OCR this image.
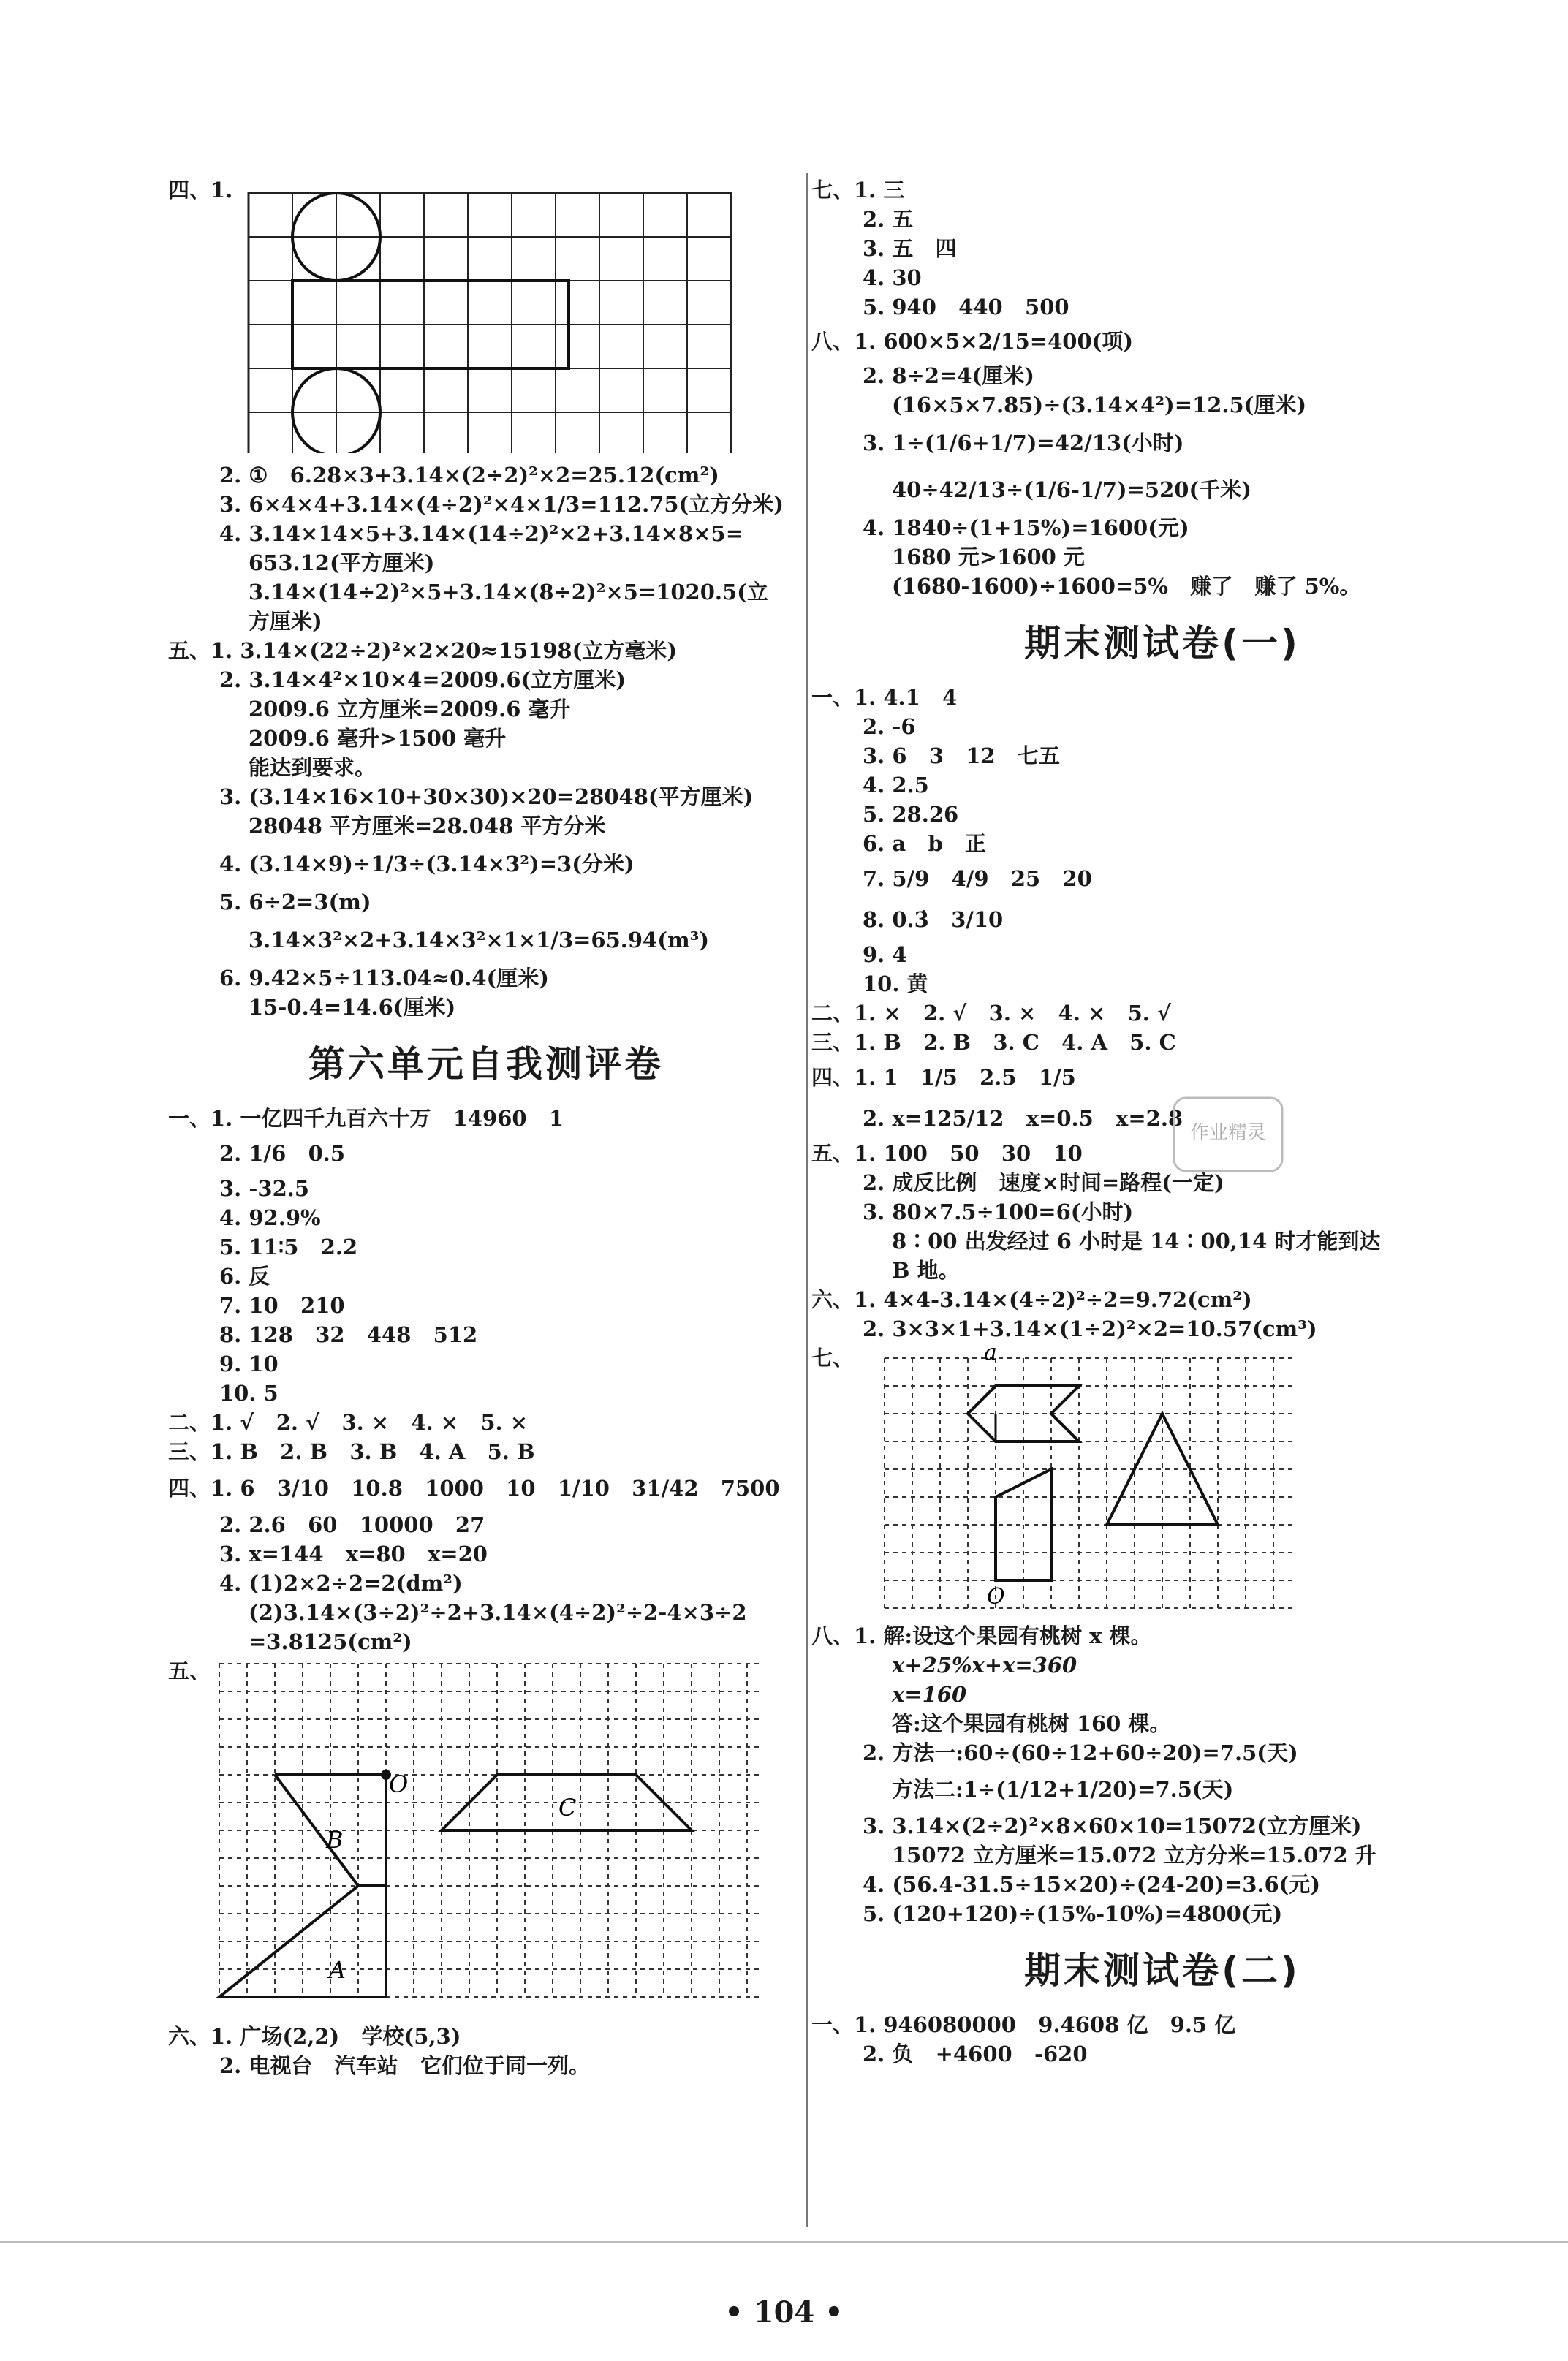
四、1.
2. ①   6.28×3+3.14×(2÷2)²×2=25.12(cm²)
3. 6×4×4+3.14×(4÷2)²×4×1/3=112.75(立方分米)
4. 3.14×14×5+3.14×(14÷2)²×2+3.14×8×5=
653.12(平方厘米)
3.14×(14÷2)²×5+3.14×(8÷2)²×5=1020.5(立
方厘米)
五、1. 3.14×(22÷2)²×2×20≈15198(立方毫米)
2. 3.14×4²×10×4=2009.6(立方厘米)
2009.6 立方厘米=2009.6 毫升
2009.6 毫升>1500 毫升
能达到要求。
3. (3.14×16×10+30×30)×20=28048(平方厘米)
28048 平方厘米=28.048 平方分米
4. (3.14×9)÷1/3÷(3.14×3²)=3(分米)
5. 6÷2=3(m)
3.14×3²×2+3.14×3²×1×1/3=65.94(m³)
6. 9.42×5÷113.04≈0.4(厘米)
15-0.4=14.6(厘米)
第六单元自我测评卷
一、1. 一亿四千九百六十万   14960   1
2. 1/6   0.5
3. -32.5
4. 92.9%
5. 11∶5   2.2
6. 反
7. 10   210
8. 128   32   448   512
9. 10
10. 5
二、1. √   2. √   3. ×   4. ×   5. ×
三、1. B   2. B   3. B   4. A   5. B
四、1. 6   3/10   10.8   1000   10   1/10   31/42   7500
2. 2.6   60   10000   27
3. x=144   x=80   x=20
4. (1)2×2÷2=2(dm²)
(2)3.14×(3÷2)²÷2+3.14×(4÷2)²÷2-4×3÷2
=3.8125(cm²)
五、
O
B
C
A
六、1. 广场(2,2)   学校(5,3)
2. 电视台   汽车站   它们位于同一列。
七、1. 三
2. 五
3. 五   四
4. 30
5. 940   440   500
八、1. 600×5×2/15=400(项)
2. 8÷2=4(厘米)
(16×5×7.85)÷(3.14×4²)=12.5(厘米)
3. 1÷(1/6+1/7)=42/13(小时)
40÷42/13÷(1/6-1/7)=520(千米)
4. 1840÷(1+15%)=1600(元)
1680 元>1600 元
(1680-1600)÷1600=5%   赚了   赚了 5%。
期末测试卷(一)
一、1. 4.1   4
2. -6
3. 6   3   12   七五
4. 2.5
5. 28.26
6. a   b   正
7. 5/9   4/9   25   20
8. 0.3̇   3/10
9. 4
10. 黄
二、1. ×   2. √   3. ×   4. ×   5. √
三、1. B   2. B   3. C   4. A   5. C
四、1. 1   1/5   2.5   1/5
2. x=125/12   x=0.5   x=2.8
五、1. 100   50   30   10
2. 成反比例   速度×时间=路程(一定)
3. 80×7.5÷100=6(小时)
8∶00 出发经过 6 小时是 14∶00,14 时才能到达
B 地。
六、1. 4×4-3.14×(4÷2)²÷2=9.72(cm²)
2. 3×3×1+3.14×(1÷2)²×2=10.57(cm³)
七、	a
O
八、1. 解:设这个果园有桃树 x 棵。
x+25%x+x=360
x=160
答:这个果园有桃树 160 棵。
2. 方法一:60÷(60÷12+60÷20)=7.5(天)
方法二:1÷(1/12+1/20)=7.5(天)
3. 3.14×(2÷2)²×8×60×10=15072(立方厘米)
15072 立方厘米=15.072 立方分米=15.072 升
4. (56.4-31.5÷15×20)÷(24-20)=3.6(元)
5. (120+120)÷(15%-10%)=4800(元)
期末测试卷(二)
一、1. 946080000   9.4608 亿   9.5 亿
2. 负   +4600   -620
作业精灵
• 104 •
